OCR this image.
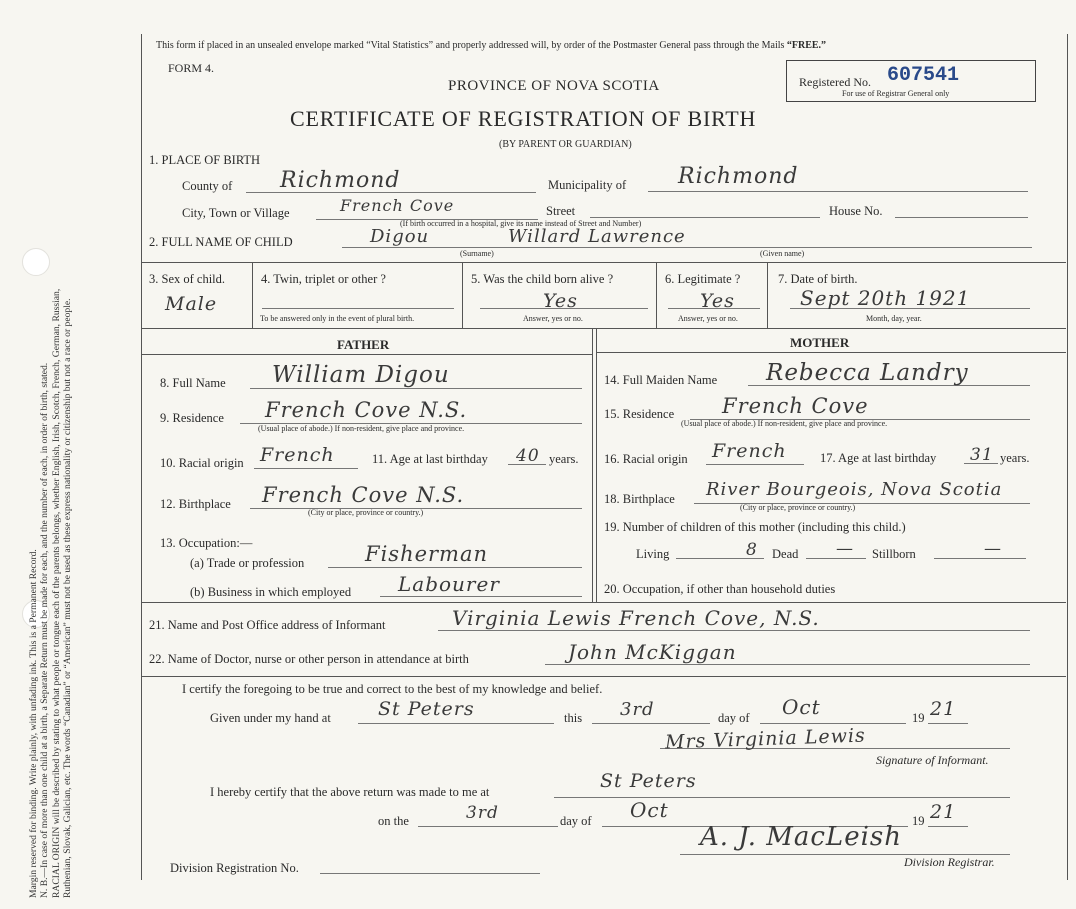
Margin reserved for binding. Write plainly, with unfading ink. This is a Permanent Record. N. B.—In case of more than one child at a birth, a Separate Return must be made for each, and the number of each, in order of birth, stated. RACIAL ORIGIN will be described by stating to what people or tongue each of the parents belongs, whether English, Irish, Scotch, French, German, Russian, Ruthenian, Slovak, Galician, etc. The words “Canadian” or “American” must not be used as these express nationality or citizenship but not a race or people.
This form if placed in an unsealed envelope marked “Vital Statistics” and properly addressed will, by order of the Postmaster General pass through the Mails “FREE.”
FORM 4.
PROVINCE OF NOVA SCOTIA
CERTIFICATE OF REGISTRATION OF BIRTH
(BY PARENT OR GUARDIAN)
Registered No. 607541
For use of Registrar General only
1. PLACE OF BIRTH
County of Richmond	Municipality of Richmond
City, Town or Village	French Cove	Street	House No.
(If birth occurred in a hospital, give its name instead of Street and Number)
2. FULL NAME OF CHILD	Digou	Willard Lawrence
(Surname)	(Given name)
3. Sex of child.
Male
4. Twin, triplet or other ?
To be answered only in the event of plural birth.
5. Was the child born alive ?
Yes
Answer, yes or no.
6. Legitimate ?
Yes
Answer, yes or no.
7. Date of birth.
Sept 20th 1921
Month, day, year.
FATHER	MOTHER
8. Full Name William Digou
9. Residence French Cove N.S.
(Usual place of abode.) If non-resident, give place and province.
10. Racial origin French	11. Age at last birthday 40 years.
12. Birthplace French Cove N.S.
(City or place, province or country.)
13. Occupation:—
(a) Trade or profession	Fisherman
(b) Business in which employed Labourer
14. Full Maiden Name Rebecca Landry
15. Residence French Cove
(Usual place of abode.) If non-resident, give place and province.
16. Racial origin French	17. Age at last birthday 31 years.
18. Birthplace River Bourgeois, Nova Scotia
(City or place, province or country.)
19. Number of children of this mother (including this child.)
Living	8 Dead — Stillborn	—
20. Occupation, if other than household duties
21. Name and Post Office address of Informant	Virginia Lewis French Cove, N.S.
22. Name of Doctor, nurse or other person in attendance at birth	John McKiggan
I certify the foregoing to be true and correct to the best of my knowledge and belief.
Given under my hand at St Peters	this 3rd	day of Oct	19 21
Mrs Virginia Lewis
Signature of Informant.
I hereby certify that the above return was made to me at	St Peters
on the	3rd	day of Oct	19 21
A. J. MacLeish
Division Registrar.
Division Registration No.
